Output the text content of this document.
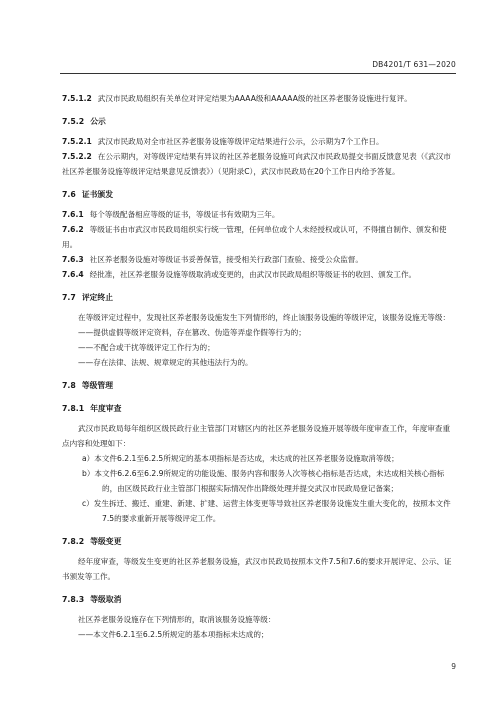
DB4201/T 631—2020

7.5.1.2 武汉市民政局组织有关单位对评定结果为AAAA级和AAAAA级的社区养老服务设施进行复评。

7.5.2 公示

7.5.2.1 武汉市民政局对全市社区养老服务设施等级评定结果进行公示，公示期为7个工作日。

7.5.2.2 在公示期内，对等级评定结果有异议的社区养老服务设施可向武汉市民政局提交书面反馈意见表（《武汉市社区养老服务设施等级评定结果意见反馈表》）（见附录C），武汉市民政局在20个工作日内给予答复。

7.6 证书颁发

7.6.1 每个等级配备相应等级的证书，等级证书有效期为三年。

7.6.2 等级证书由市武汉市民政局组织实行统一管理，任何单位或个人未经授权或认可，不得擅自制作、颁发和使用。

7.6.3 社区养老服务设施对等级证书妥善保管，接受相关行政部门查验、接受公众监督。

7.6.4 经批准，社区养老服务设施等级取消或变更的，由武汉市民政局组织等级证书的收回、颁发工作。

7.7 评定终止

在等级评定过程中，发现社区养老服务设施发生下列情形的，终止该服务设施的等级评定，该服务设施无等级：

——提供虚假等级评定资料，存在篡改、伪造等弄虚作假等行为的；

——不配合或干扰等级评定工作行为的；

——存在法律、法规、规章规定的其他违法行为的。

7.8 等级管理
7.8.1 年度审查

武汉市民政局每年组织区级民政行业主管部门对辖区内的社区养老服务设施开展等级年度审查工作，年度审查重点内容和处理如下：

a）本文件6.2.1至6.2.5所规定的基本项指标是否达成，未达成的社区养老服务设施取消等级；

b）本文件6.2.6至6.2.9所规定的功能设施、服务内容和服务人次等核心指标是否达成，未达成相关核心指标的，由区级民政行业主管部门根据实际情况作出降级处理并提交武汉市民政局登记备案；

c）发生拆迁、搬迁、重建、新建、扩建、运营主体变更等导致社区养老服务设施发生重大变化的，按照本文件7.5的要求重新开展等级评定工作。

7.8.2 等级变更

经年度审查，等级发生变更的社区养老服务设施，武汉市民政局按照本文件7.5和7.6的要求开展评定、公示、证书颁发等工作。

7.8.3 等级取消

社区养老服务设施存在下列情形的，取消该服务设施等级：

——本文件6.2.1至6.2.5所规定的基本项指标未达成的；

9
